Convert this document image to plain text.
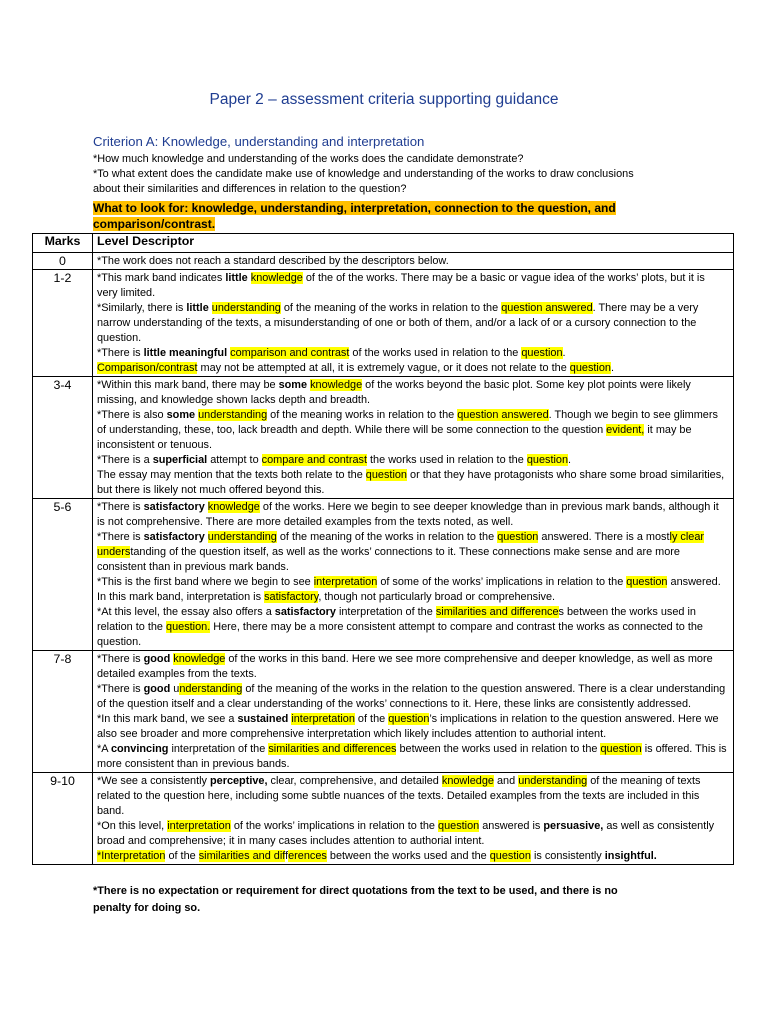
Paper 2 – assessment criteria supporting guidance
Criterion A: Knowledge, understanding and interpretation
*How much knowledge and understanding of the works does the candidate demonstrate?
*To what extent does the candidate make use of knowledge and understanding of the works to draw conclusions about their similarities and differences in relation to the question?
What to look for: knowledge, understanding, interpretation, connection to the question, and comparison/contrast.
Marks	Level Descriptor
0	*The work does not reach a standard described by the descriptors below.

1-2	*This mark band indicates little knowledge of the of the works. There may be a basic or vague idea of the works’ plots, but it is very limited.

*Similarly, there is little understanding of the meaning of the works in relation to the question answered. There may be a very narrow understanding of the texts, a misunderstanding of one or both of them, and/or a lack of or a cursory connection to the question.

*There is little meaningful comparison and contrast of the works used in relation to the question.

Comparison/contrast may not be attempted at all, it is extremely vague, or it does not relate to the question.

3-4	*Within this mark band, there may be some knowledge of the works beyond the basic plot. Some key plot points were likely missing, and knowledge shown lacks depth and breadth.

*There is also some understanding of the meaning works in relation to the question answered. Though we begin to see glimmers of understanding, these, too, lack breadth and depth. While there will be some connection to the question evident, it may be inconsistent or tenuous.

*There is a superficial attempt to compare and contrast the works used in relation to the question.

The essay may mention that the texts both relate to the question or that they have protagonists who share some broad similarities, but there is likely not much offered beyond this.

5-6	*There is satisfactory knowledge of the works. Here we begin to see deeper knowledge than in previous mark bands, although it is not comprehensive. There are more detailed examples from the texts noted, as well.

*There is satisfactory understanding of the meaning of the works in relation to the question answered. There is a mostly clear understanding of the question itself, as well as the works’ connections to it. These connections make sense and are more consistent than in previous mark bands.

*This is the first band where we begin to see interpretation of some of the works’ implications in relation to the question answered. In this mark band, interpretation is satisfactory, though not particularly broad or comprehensive.

*At this level, the essay also offers a satisfactory interpretation of the similarities and differences between the works used in relation to the question. Here, there may be a more consistent attempt to compare and contrast the works as connected to the question.

7-8	*There is good knowledge of the works in this band. Here we see more comprehensive and deeper knowledge, as well as more detailed examples from the texts.

*There is good understanding of the meaning of the works in the relation to the question answered. There is a clear understanding of the question itself and a clear understanding of the works’ connections to it. Here, these links are consistently addressed.

*In this mark band, we see a sustained interpretation of the question’s implications in relation to the question answered. Here we also see broader and more comprehensive interpretation which likely includes attention to authorial intent.

*A convincing interpretation of the similarities and differences between the works used in relation to the question is offered. This is more consistent than in previous bands.

9-10	*We see a consistently perceptive, clear, comprehensive, and detailed knowledge and understanding of the meaning of texts related to the question here, including some subtle nuances of the texts. Detailed examples from the texts are included in this band.

*On this level, interpretation of the works’ implications in relation to the question answered is persuasive, as well as consistently broad and comprehensive; it in many cases includes attention to authorial intent.

*Interpretation of the similarities and differences between the works used and the question is consistently insightful.

*There is no expectation or requirement for direct quotations from the text to be used, and there is no penalty for doing so.
